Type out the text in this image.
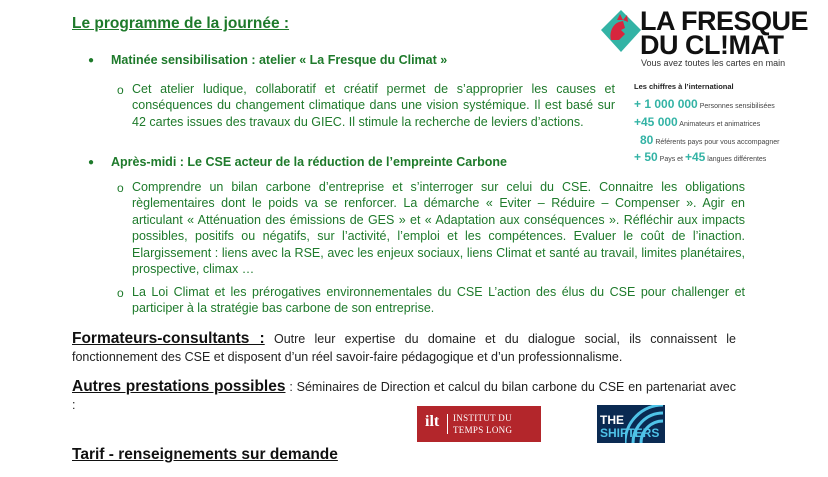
Le programme de la journée :
● Matinée sensibilisation : atelier « La Fresque du Climat »
o Cet atelier ludique, collaboratif et créatif permet de s’approprier les causes et conséquences du changement climatique dans une vision systémique. Il est basé sur 42 cartes issues des travaux du GIEC. Il stimule la recherche de leviers d’actions.
● Après-midi : Le CSE acteur de la réduction de l’empreinte Carbone
o Comprendre un bilan carbone d’entreprise et s’interroger sur celui du CSE. Connaitre les obligations règlementaires dont le poids va se renforcer. La démarche « Eviter – Réduire – Compenser ». Agir en articulant « Atténuation des émissions de GES » et « Adaptation aux conséquences ». Réfléchir aux impacts possibles, positifs ou négatifs, sur l’activité, l’emploi et les compétences. Evaluer le coût de l’inaction. Elargissement : liens avec la RSE, avec les enjeux sociaux, liens Climat et santé au travail, limites planétaires, prospective, climax …
o La Loi Climat et les prérogatives environnementales du CSE L’action des élus du CSE pour challenger et participer à la stratégie bas carbone de son entreprise.
Formateurs-consultants : Outre leur expertise du domaine et du dialogue social, ils connaissent le fonctionnement des CSE et disposent d’un réel savoir-faire pédagogique et d’un professionnalisme.
Autres prestations possibles : Séminaires de Direction et calcul du bilan carbone du CSE en partenariat avec :
Tarif - renseignements sur demande
LA FRESQUE
DU CL!MAT
Vous avez toutes les cartes en main
Les chiffres à l’international
+ 1 000 000 Personnes sensibilisées
+45 000 Animateurs et animatrices
80 Référents pays pour vous accompagner
+ 50 Pays et +45 langues différentes
ilt INSTITUT DU
TEMPS LONG
THE
SHIFTERS
